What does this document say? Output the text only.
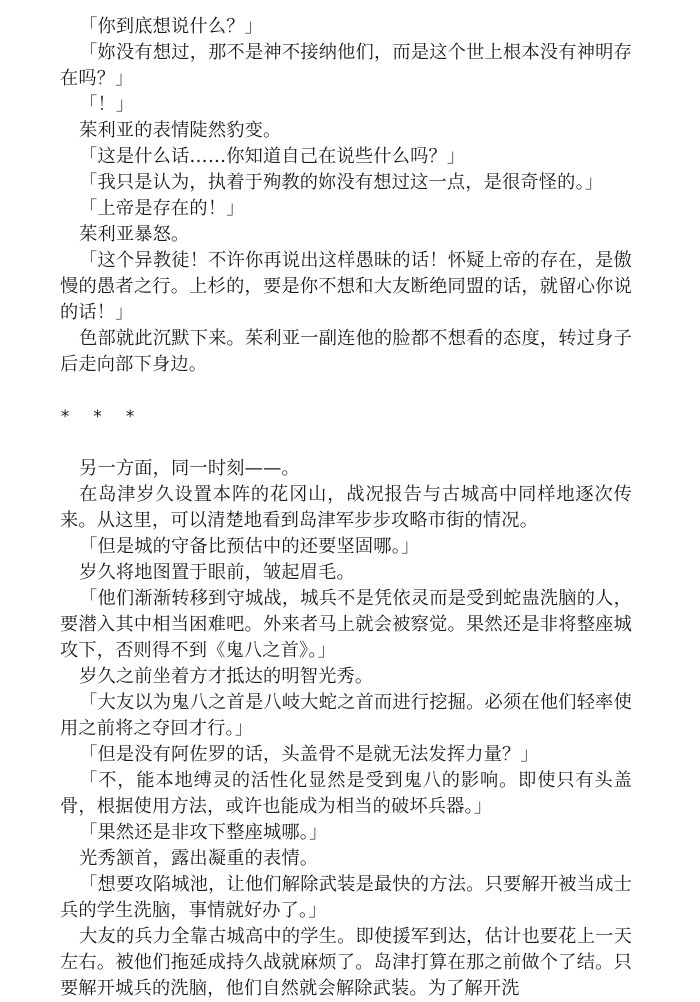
「你到底想说什么？」

「妳没有想过，那不是神不接纳他们，而是这个世上根本没有神明存在吗？」

「！」

茱利亚的表情陡然豹变。

「这是什么话……你知道自己在说些什么吗？」

「我只是认为，执着于殉教的妳没有想过这一点，是很奇怪的。」

「上帝是存在的！」

茱利亚暴怒。

「这个异教徒！不许你再说出这样愚昧的话！怀疑上帝的存在，是傲慢的愚者之行。上杉的，要是你不想和大友断绝同盟的话，就留心你说的话！」

色部就此沉默下来。茱利亚一副连他的脸都不想看的态度，转过身子后走向部下身边。

* * *

另一方面，同一时刻——。

在岛津岁久设置本阵的花冈山，战况报告与古城高中同样地逐次传来。从这里，可以清楚地看到岛津军步步攻略市街的情况。

「但是城的守备比预估中的还要坚固哪。」

岁久将地图置于眼前，皱起眉毛。

「他们渐渐转移到守城战，城兵不是凭依灵而是受到蛇蛊洗脑的人，要潜入其中相当困难吧。外来者马上就会被察觉。果然还是非将整座城攻下，否则得不到《鬼八之首》。」

岁久之前坐着方才抵达的明智光秀。

「大友以为鬼八之首是八岐大蛇之首而进行挖掘。必须在他们轻率使用之前将之夺回才行。」

「但是没有阿佐罗的话，头盖骨不是就无法发挥力量？」

「不，能本地缚灵的活性化显然是受到鬼八的影响。即使只有头盖骨，根据使用方法，或许也能成为相当的破坏兵器。」

「果然还是非攻下整座城哪。」

光秀颔首，露出凝重的表情。

「想要攻陷城池，让他们解除武装是最快的方法。只要解开被当成士兵的学生洗脑，事情就好办了。」

大友的兵力全靠古城高中的学生。即使援军到达，估计也要花上一天左右。被他们拖延成持久战就麻烦了。岛津打算在那之前做个了结。只要解开城兵的洗脑，他们自然就会解除武装。为了解开洗
